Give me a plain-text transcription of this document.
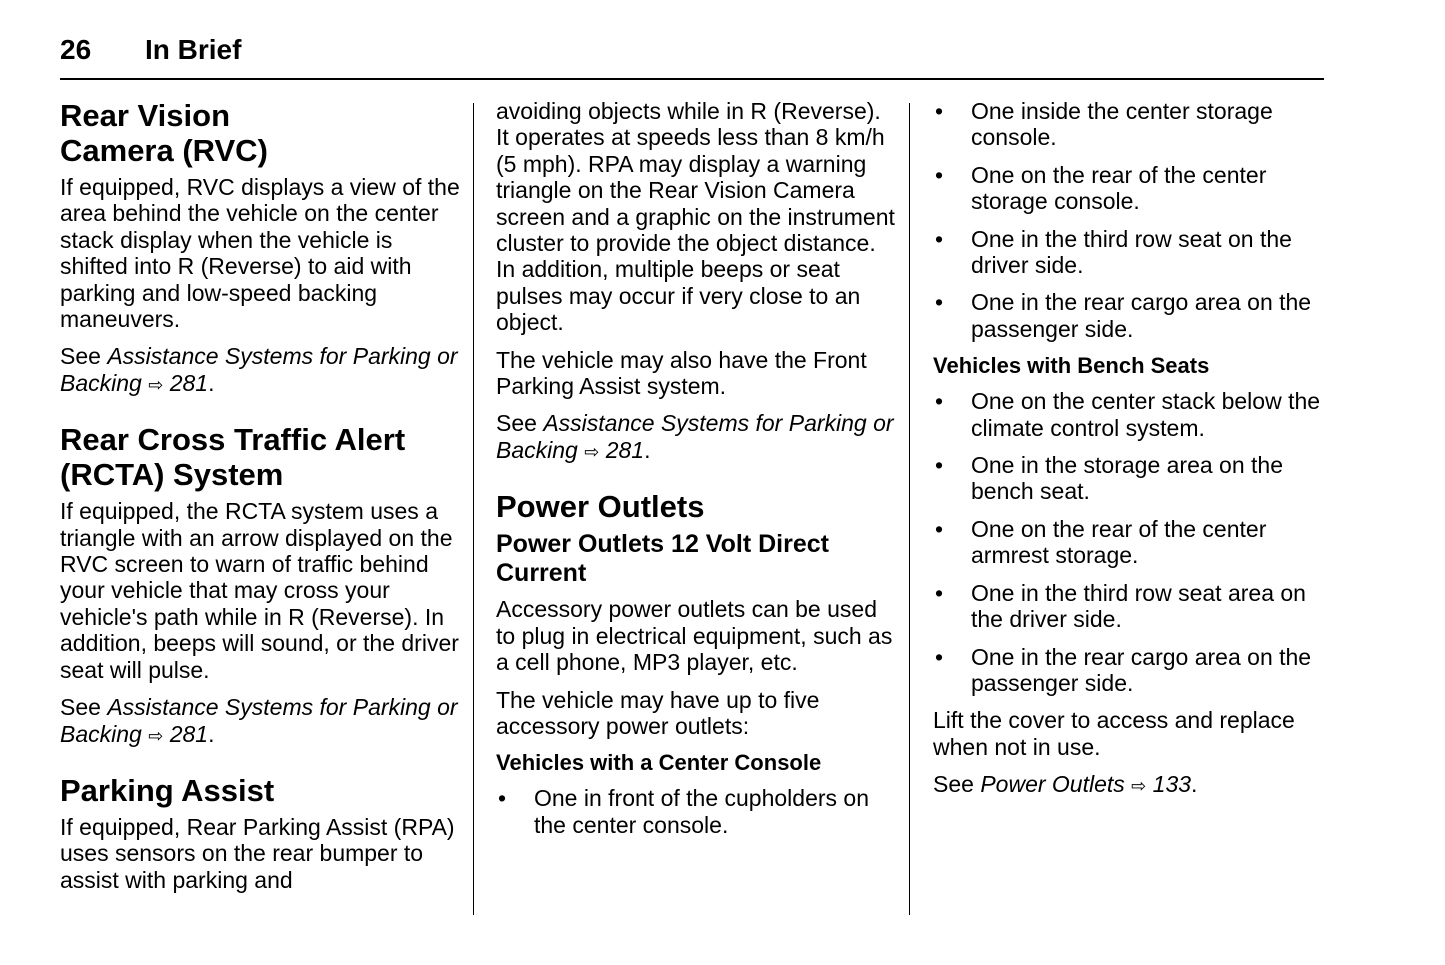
26 In Brief
Rear Vision
Camera (RVC)

If equipped, RVC displays a view of the area behind the vehicle on the center stack display when the vehicle is shifted into R (Reverse) to aid with parking and low-speed backing maneuvers.

See Assistance Systems for Parking or Backing ⇨ 281.

Rear Cross Traffic Alert
(RCTA) System

If equipped, the RCTA system uses a triangle with an arrow displayed on the RVC screen to warn of traffic behind your vehicle that may cross your vehicle's path while in R (Reverse). In addition, beeps will sound, or the driver seat will pulse.

See Assistance Systems for Parking or Backing ⇨ 281.

Parking Assist

If equipped, Rear Parking Assist (RPA) uses sensors on the rear bumper to assist with parking and

avoiding objects while in R (Reverse). It operates at speeds less than 8 km/h (5 mph). RPA may display a warning triangle on the Rear Vision Camera screen and a graphic on the instrument cluster to provide the object distance. In addition, multiple beeps or seat pulses may occur if very close to an object.

The vehicle may also have the Front Parking Assist system.

See Assistance Systems for Parking or Backing ⇨ 281.

Power Outlets
Power Outlets 12 Volt Direct Current

Accessory power outlets can be used to plug in electrical equipment, such as a cell phone, MP3 player, etc.

The vehicle may have up to five accessory power outlets:

Vehicles with a Center Console
• One in front of the cupholders on the center console.
• One inside the center storage console.
• One on the rear of the center storage console.
• One in the third row seat on the driver side.
• One in the rear cargo area on the passenger side.
Vehicles with Bench Seats
• One on the center stack below the climate control system.
• One in the storage area on the bench seat.
• One on the rear of the center armrest storage.
• One in the third row seat area on the driver side.
• One in the rear cargo area on the passenger side.

Lift the cover to access and replace when not in use.

See Power Outlets ⇨ 133.
